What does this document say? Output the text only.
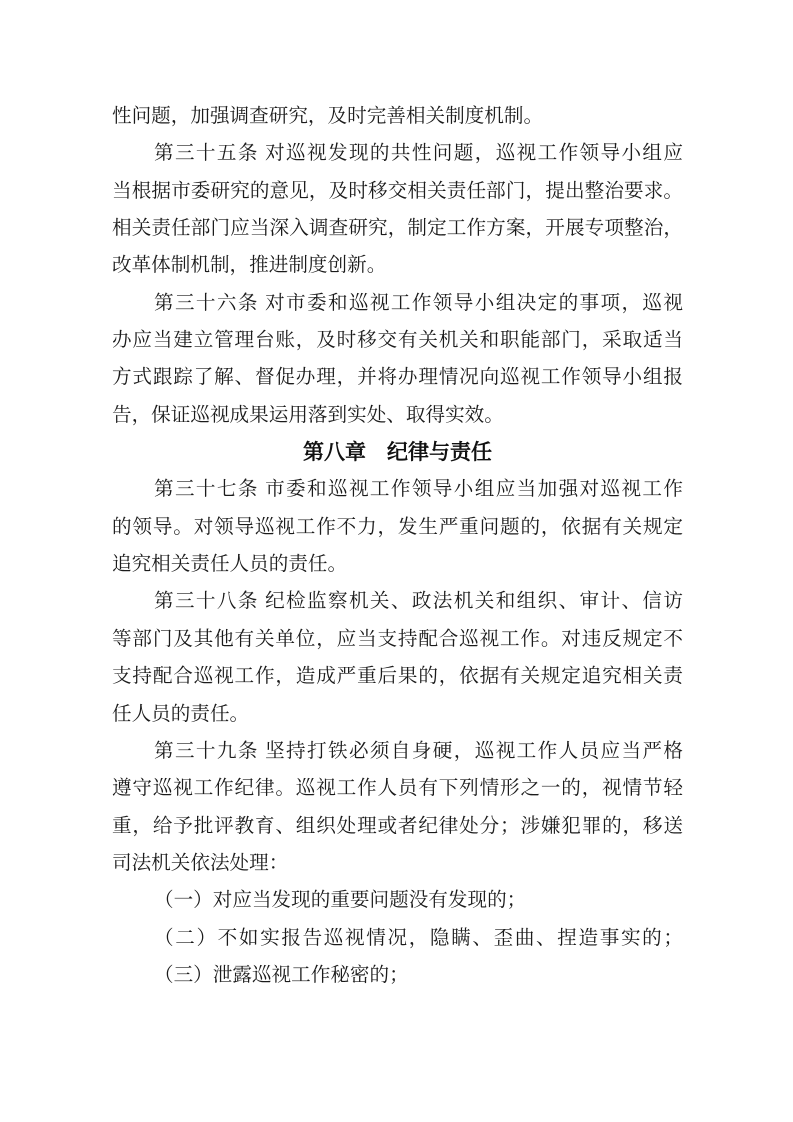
性问题，加强调查研究，及时完善相关制度机制。
第三十五条 对巡视发现的共性问题，巡视工作领导小组应
当根据市委研究的意见，及时移交相关责任部门，提出整治要求。
相关责任部门应当深入调查研究，制定工作方案，开展专项整治，
改革体制机制，推进制度创新。
第三十六条 对市委和巡视工作领导小组决定的事项，巡视
办应当建立管理台账，及时移交有关机关和职能部门，采取适当
方式跟踪了解、督促办理，并将办理情况向巡视工作领导小组报
告，保证巡视成果运用落到实处、取得实效。
第八章　纪律与责任
第三十七条 市委和巡视工作领导小组应当加强对巡视工作
的领导。对领导巡视工作不力，发生严重问题的，依据有关规定
追究相关责任人员的责任。
第三十八条 纪检监察机关、政法机关和组织、审计、信访
等部门及其他有关单位，应当支持配合巡视工作。对违反规定不
支持配合巡视工作，造成严重后果的，依据有关规定追究相关责
任人员的责任。
第三十九条 坚持打铁必须自身硬，巡视工作人员应当严格
遵守巡视工作纪律。巡视工作人员有下列情形之一的，视情节轻
重，给予批评教育、组织处理或者纪律处分；涉嫌犯罪的，移送
司法机关依法处理：
（一）对应当发现的重要问题没有发现的；
（二）不如实报告巡视情况，隐瞒、歪曲、捏造事实的；
（三）泄露巡视工作秘密的；
